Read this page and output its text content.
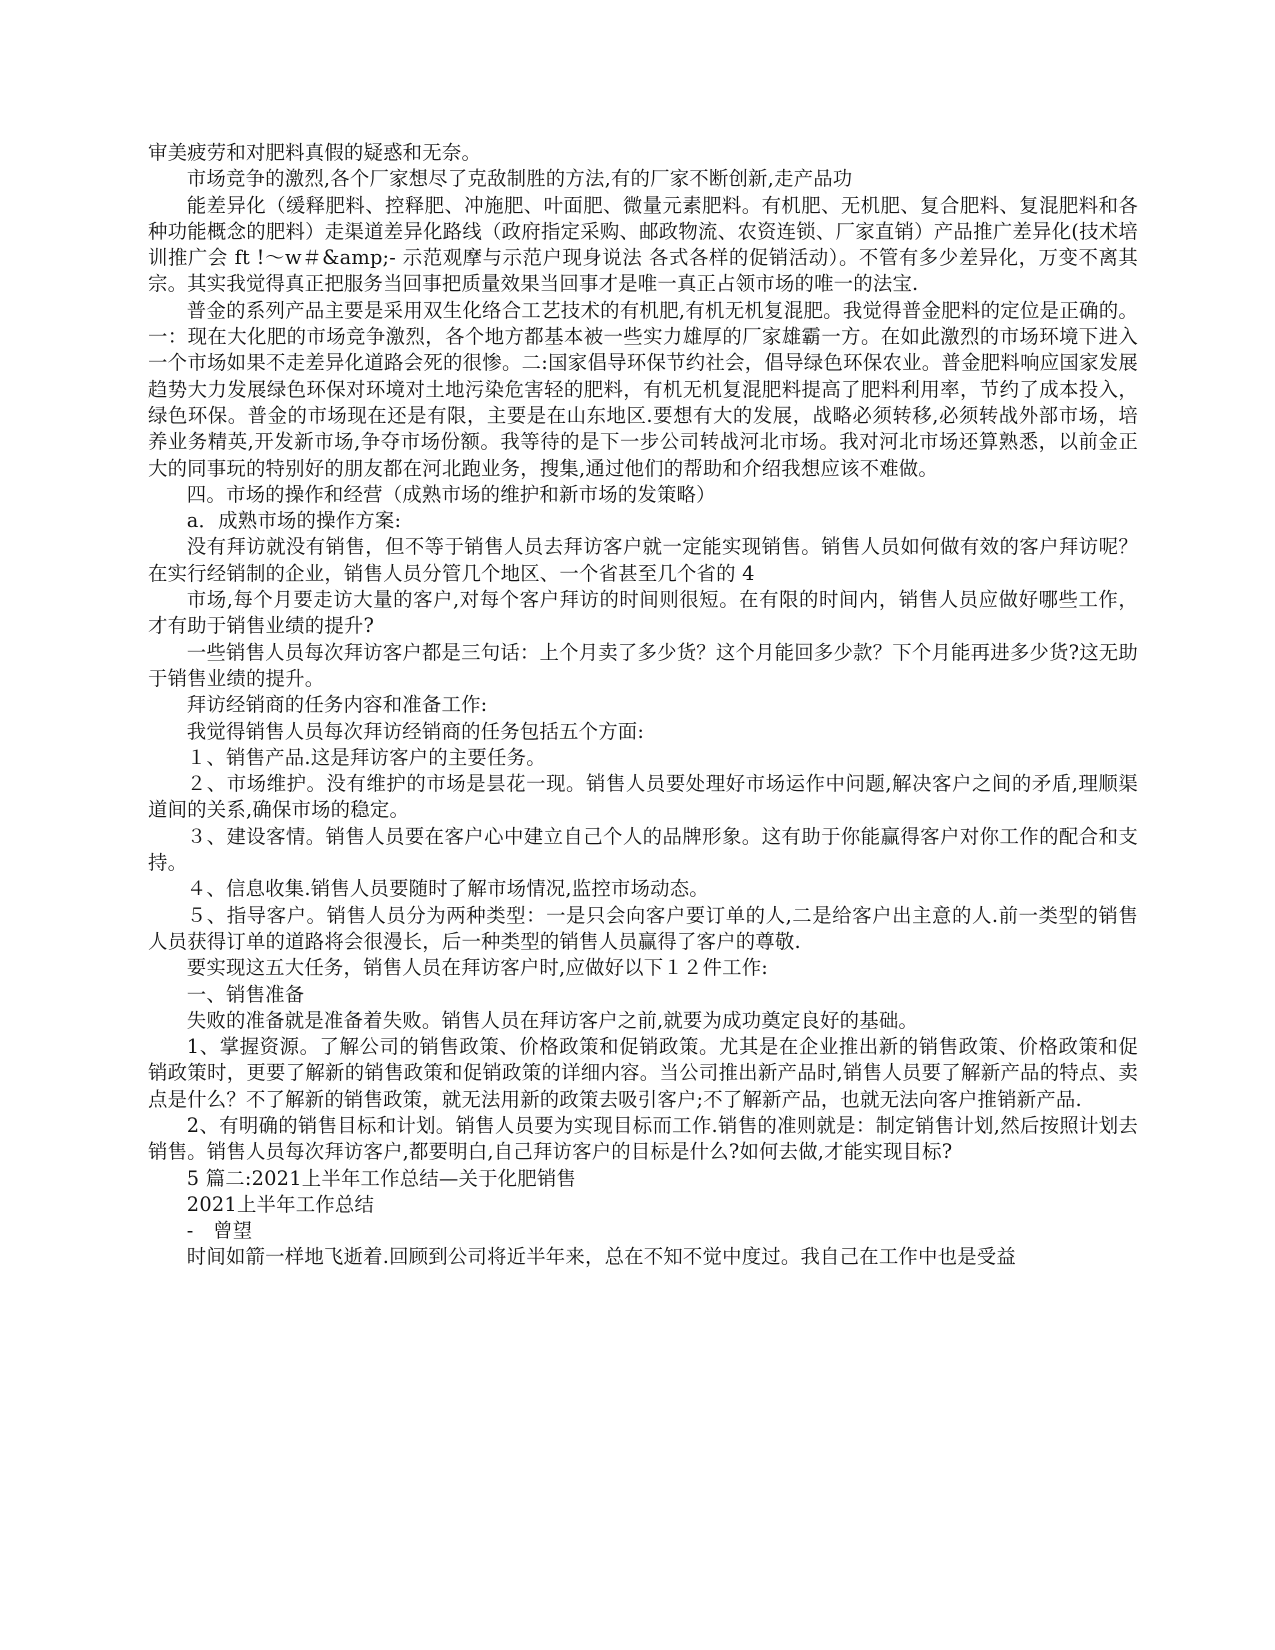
审美疲劳和对肥料真假的疑惑和无奈。

市场竞争的激烈,各个厂家想尽了克敌制胜的方法,有的厂家不断创新,走产品功

能差异化（缓释肥料、控释肥、冲施肥、叶面肥、微量元素肥料。有机肥、无机肥、复合肥料、复混肥料和各种功能概念的肥料）走渠道差异化路线（政府指定采购、邮政物流、农资连锁、厂家直销）产品推广差异化(技术培训推广会 ft !～w＃&amp;- 示范观摩与示范户现身说法 各式各样的促销活动）。不管有多少差异化，万变不离其宗。其实我觉得真正把服务当回事把质量效果当回事才是唯一真正占领市场的唯一的法宝.

普金的系列产品主要是采用双生化络合工艺技术的有机肥,有机无机复混肥。我觉得普金肥料的定位是正确的。一：现在大化肥的市场竞争激烈，各个地方都基本被一些实力雄厚的厂家雄霸一方。在如此激烈的市场环境下进入一个市场如果不走差异化道路会死的很惨。二:国家倡导环保节约社会，倡导绿色环保农业。普金肥料响应国家发展趋势大力发展绿色环保对环境对土地污染危害轻的肥料，有机无机复混肥料提高了肥料利用率，节约了成本投入，绿色环保。普金的市场现在还是有限，主要是在山东地区.要想有大的发展，战略必须转移,必须转战外部市场，培养业务精英,开发新市场,争夺市场份额。我等待的是下一步公司转战河北市场。我对河北市场还算熟悉，以前金正大的同事玩的特别好的朋友都在河北跑业务，搜集,通过他们的帮助和介绍我想应该不难做。

四。市场的操作和经营（成熟市场的维护和新市场的发策略）

a．成熟市场的操作方案:

没有拜访就没有销售，但不等于销售人员去拜访客户就一定能实现销售。销售人员如何做有效的客户拜访呢？　在实行经销制的企业，销售人员分管几个地区、一个省甚至几个省的 4

市场,每个月要走访大量的客户,对每个客户拜访的时间则很短。在有限的时间内，销售人员应做好哪些工作，才有助于销售业绩的提升?

一些销售人员每次拜访客户都是三句话：上个月卖了多少货？这个月能回多少款？下个月能再进多少货?这无助于销售业绩的提升。

拜访经销商的任务内容和准备工作:

我觉得销售人员每次拜访经销商的任务包括五个方面:

１、销售产品.这是拜访客户的主要任务。

２、市场维护。没有维护的市场是昙花一现。销售人员要处理好市场运作中问题,解决客户之间的矛盾,理顺渠道间的关系,确保市场的稳定。

３、建设客情。销售人员要在客户心中建立自己个人的品牌形象。这有助于你能赢得客户对你工作的配合和支持。

４、信息收集.销售人员要随时了解市场情况,监控市场动态。

５、指导客户。销售人员分为两种类型：一是只会向客户要订单的人,二是给客户出主意的人.前一类型的销售人员获得订单的道路将会很漫长，后一种类型的销售人员赢得了客户的尊敬.

要实现这五大任务，销售人员在拜访客户时,应做好以下１２件工作:

一、销售准备

失败的准备就是准备着失败。销售人员在拜访客户之前,就要为成功奠定良好的基础。

1、掌握资源。了解公司的销售政策、价格政策和促销政策。尤其是在企业推出新的销售政策、价格政策和促销政策时，更要了解新的销售政策和促销政策的详细内容。当公司推出新产品时,销售人员要了解新产品的特点、卖点是什么？不了解新的销售政策，就无法用新的政策去吸引客户;不了解新产品，也就无法向客户推销新产品.

2、有明确的销售目标和计划。销售人员要为实现目标而工作.销售的准则就是：制定销售计划,然后按照计划去销售。销售人员每次拜访客户,都要明白,自己拜访客户的目标是什么?如何去做,才能实现目标?

5 篇二:2021上半年工作总结—关于化肥销售

2021上半年工作总结

-　曾望

时间如箭一样地飞逝着.回顾到公司将近半年来，总在不知不觉中度过。我自己在工作中也是受益
